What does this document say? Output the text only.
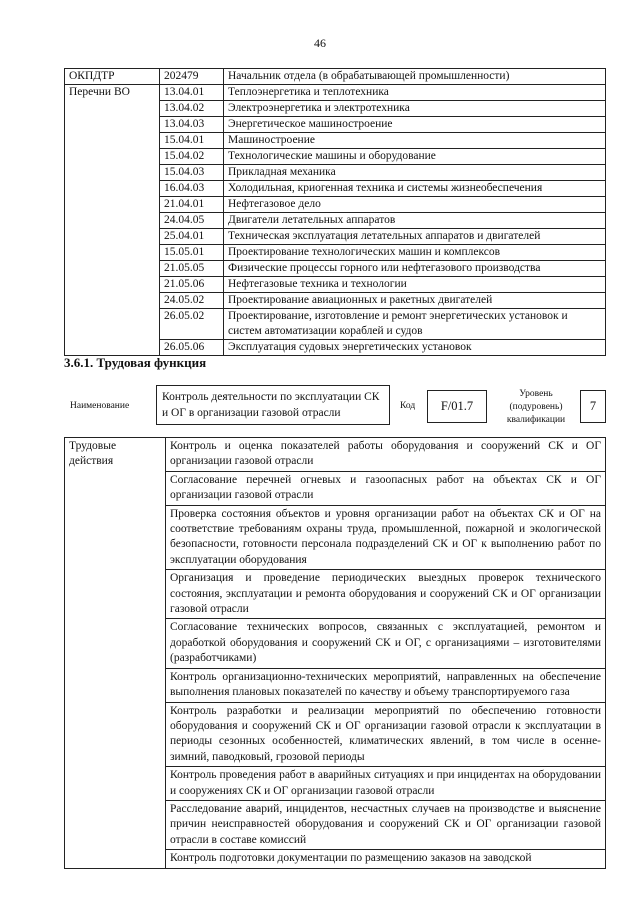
46
ОКПДТР	202479	Начальник отдела (в обрабатывающей промышленности)
Перечни ВО	13.04.01	Теплоэнергетика и теплотехника
	13.04.02	Электроэнергетика и электротехника
	13.04.03	Энергетическое машиностроение
	15.04.01	Машиностроение
	15.04.02	Технологические машины и оборудование
	15.04.03	Прикладная механика
	16.04.03	Холодильная, криогенная техника и системы жизнеобеспечения
	21.04.01	Нефтегазовое дело
	24.04.05	Двигатели летательных аппаратов
	25.04.01	Техническая эксплуатация летательных аппаратов и двигателей
	15.05.01	Проектирование технологических машин и комплексов
	21.05.05	Физические процессы горного или нефтегазового производства
	21.05.06	Нефтегазовые техника и технологии
	24.05.02	Проектирование авиационных и ракетных двигателей
	26.05.02	Проектирование, изготовление и ремонт энергетических установок и систем автоматизации кораблей и судов
	26.05.06	Эксплуатация судовых энергетических установок
3.6.1. Трудовая функция
Наименование
Контроль деятельности по эксплуатации СК и ОГ в организации газовой отрасли
Код	F/01.7
Уровень (подуровень) квалификации
7
Трудовые действия	Контроль и оценка показателей работы оборудования и сооружений СК и ОГ организации газовой отрасли
Согласование перечней огневых и газоопасных работ на объектах СК и ОГ организации газовой отрасли
Проверка состояния объектов и уровня организации работ на объектах СК и ОГ на соответствие требованиям охраны труда, промышленной, пожарной и экологической безопасности, готовности персонала подразделений СК и ОГ к выполнению работ по эксплуатации оборудования
Организация и проведение периодических выездных проверок технического состояния, эксплуатации и ремонта оборудования и сооружений СК и ОГ организации газовой отрасли
Согласование технических вопросов, связанных с эксплуатацией, ремонтом и доработкой оборудования и сооружений СК и ОГ, с организациями – изготовителями (разработчиками)
Контроль организационно-технических мероприятий, направленных на обеспечение выполнения плановых показателей по качеству и объему транспортируемого газа
Контроль разработки и реализации мероприятий по обеспечению готовности оборудования и сооружений СК и ОГ организации газовой отрасли к эксплуатации в периоды сезонных особенностей, климатических явлений, в том числе в осенне-зимний, паводковый, грозовой периоды
Контроль проведения работ в аварийных ситуациях и при инцидентах на оборудовании и сооружениях СК и ОГ организации газовой отрасли
Расследование аварий, инцидентов, несчастных случаев на производстве и выяснение причин неисправностей оборудования и сооружений СК и ОГ организации газовой отрасли в составе комиссий
Контроль подготовки документации по размещению заказов на заводской
